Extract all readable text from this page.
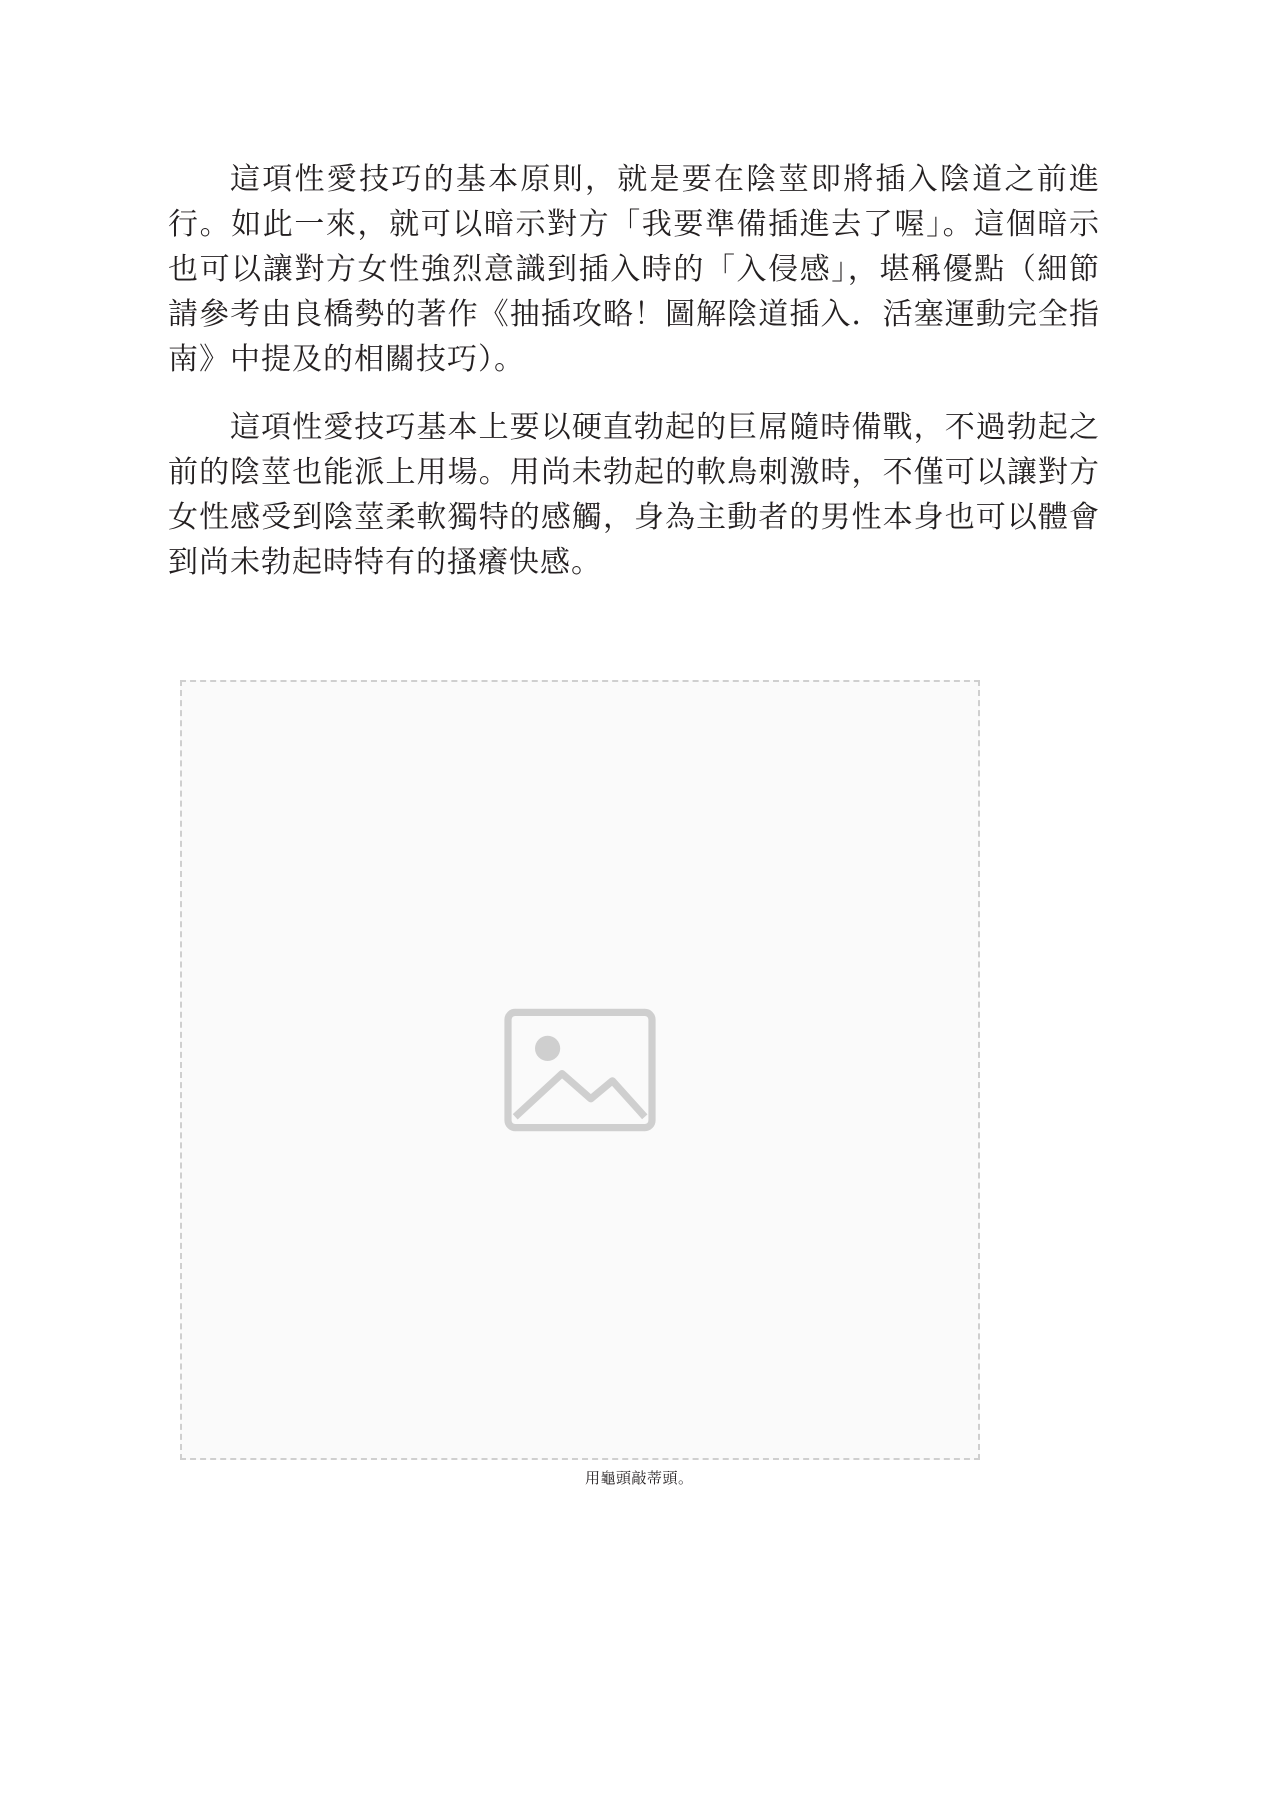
這項性愛技巧的基本原則，就是要在陰莖即將插入陰道之前進行。如此一來，就可以暗示對方「我要準備插進去了喔」。這個暗示也可以讓對方女性強烈意識到插入時的「入侵感」，堪稱優點（細節請參考由良橋勢的著作《抽插攻略！圖解陰道插入．活塞運動完全指南》中提及的相關技巧）。

這項性愛技巧基本上要以硬直勃起的巨屌隨時備戰，不過勃起之前的陰莖也能派上用場。用尚未勃起的軟鳥刺激時，不僅可以讓對方女性感受到陰莖柔軟獨特的感觸，身為主動者的男性本身也可以體會到尚未勃起時特有的搔癢快感。

用龜頭敲蒂頭。
